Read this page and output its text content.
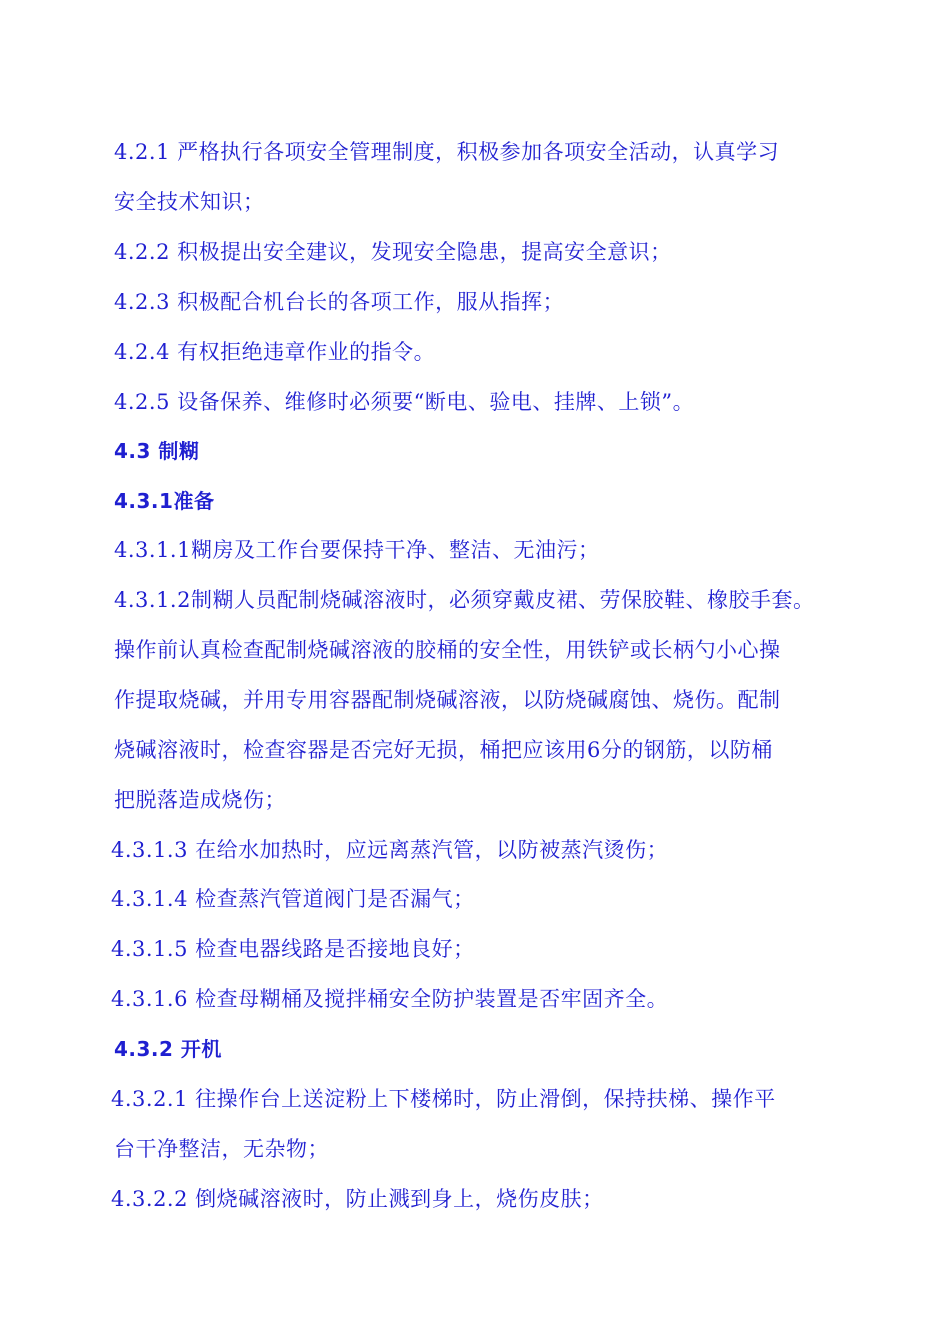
4.2.1 严格执行各项安全管理制度，积极参加各项安全活动，认真学习
安全技术知识；
4.2.2 积极提出安全建议，发现安全隐患，提高安全意识；
4.2.3 积极配合机台长的各项工作，服从指挥；
4.2.4 有权拒绝违章作业的指令。
4.2.5 设备保养、维修时必须要“断电、验电、挂牌、上锁”。
4.3 制糊
4.3.1准备
4.3.1.1糊房及工作台要保持干净、整洁、无油污；
4.3.1.2制糊人员配制烧碱溶液时，必须穿戴皮裙、劳保胶鞋、橡胶手套。
操作前认真检查配制烧碱溶液的胶桶的安全性，用铁铲或长柄勺小心操
作提取烧碱，并用专用容器配制烧碱溶液，以防烧碱腐蚀、烧伤。配制
烧碱溶液时，检查容器是否完好无损，桶把应该用6分的钢筋，以防桶
把脱落造成烧伤；
4.3.1.3 在给水加热时，应远离蒸汽管，以防被蒸汽烫伤；
4.3.1.4 检查蒸汽管道阀门是否漏气；
4.3.1.5 检查电器线路是否接地良好；
4.3.1.6 检查母糊桶及搅拌桶安全防护装置是否牢固齐全。
4.3.2 开机
4.3.2.1 往操作台上送淀粉上下楼梯时，防止滑倒，保持扶梯、操作平
台干净整洁，无杂物；
4.3.2.2 倒烧碱溶液时，防止溅到身上，烧伤皮肤；
